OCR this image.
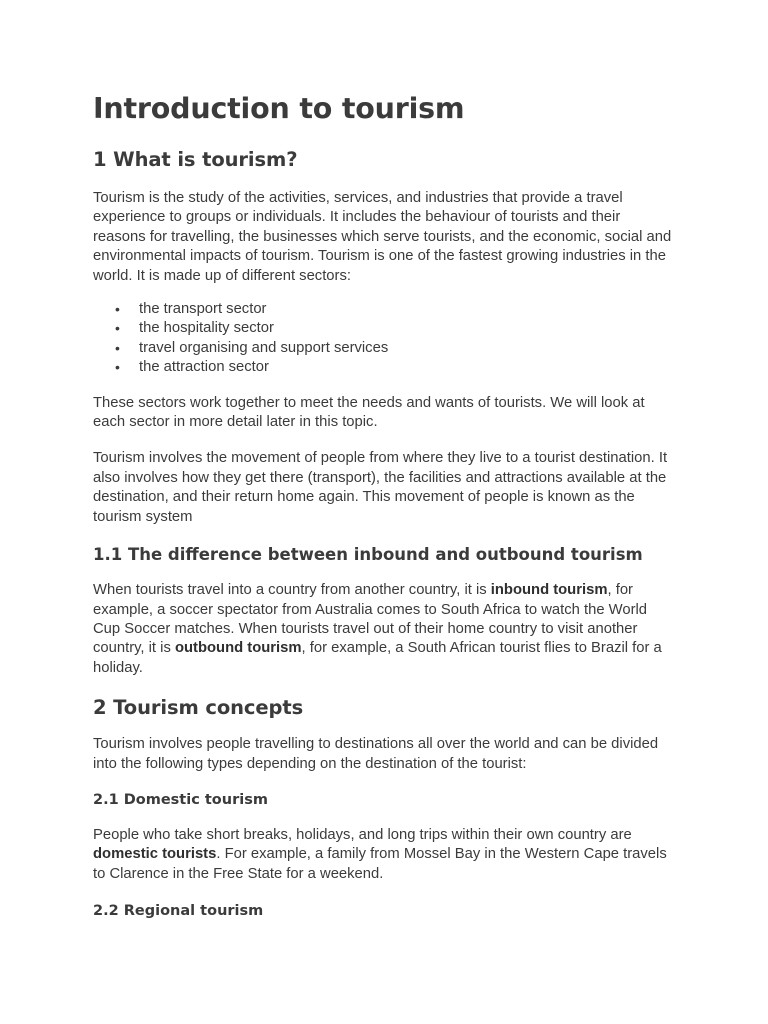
Introduction to tourism
1 What is tourism?

Tourism is the study of the activities, services, and industries that provide a travel experience to groups or individuals. It includes the behaviour of tourists and their reasons for travelling, the businesses which serve tourists, and the economic, social and environmental impacts of tourism. Tourism is one of the fastest growing industries in the world. It is made up of different sectors:

• the transport sector
• the hospitality sector
• travel organising and support services
• the attraction sector

These sectors work together to meet the needs and wants of tourists. We will look at each sector in more detail later in this topic.

Tourism involves the movement of people from where they live to a tourist destination. It also involves how they get there (transport), the facilities and attractions available at the destination, and their return home again. This movement of people is known as the tourism system

1.1 The difference between inbound and outbound tourism

When tourists travel into a country from another country, it is inbound tourism, for example, a soccer spectator from Australia comes to South Africa to watch the World Cup Soccer matches. When tourists travel out of their home country to visit another country, it is outbound tourism, for example, a South African tourist flies to Brazil for a holiday.

2 Tourism concepts

Tourism involves people travelling to destinations all over the world and can be divided into the following types depending on the destination of the tourist:

2.1 Domestic tourism

People who take short breaks, holidays, and long trips within their own country are domestic tourists. For example, a family from Mossel Bay in the Western Cape travels to Clarence in the Free State for a weekend.

2.2 Regional tourism
